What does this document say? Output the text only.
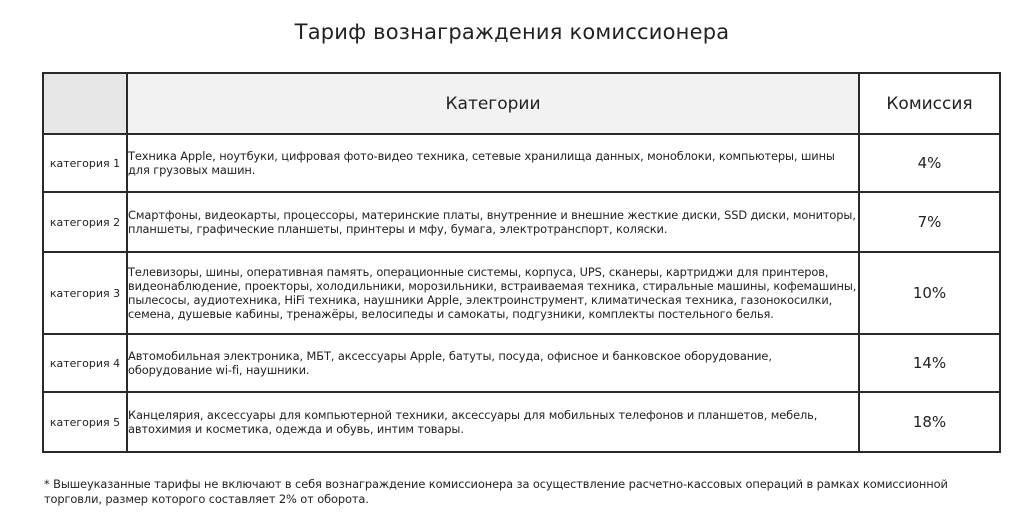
Тариф вознаграждения комиссионера
	Категории	Комиссия
категория 1	Техника Apple, ноутбуки, цифровая фото-видео техника, сетевые хранилища данных, моноблоки, компьютеры, шины для грузовых машин.	4%
категория 2	Смартфоны, видеокарты, процессоры, материнские платы, внутренние и внешние жесткие диски, SSD диски, мониторы, планшеты, графические планшеты, принтеры и мфу, бумага, электротранспорт, коляски.	7%
категория 3	Телевизоры, шины, оперативная память, операционные системы, корпуса, UPS, сканеры, картриджи для принтеров, видеонаблюдение, проекторы, холодильники, морозильники, встраиваемая техника, стиральные машины, кофемашины, пылесосы, аудиотехника, HiFi техника, наушники Apple, электроинструмент, климатическая техника, газонокосилки, семена, душевые кабины, тренажёры, велосипеды и самокаты, подгузники, комплекты постельного белья.	10%
категория 4	Автомобильная электроника, МБТ, аксессуары Apple, батуты, посуда, офисное и банковское оборудование, оборудование wi-fi, наушники.	14%
категория 5	Канцелярия, аксессуары для компьютерной техники, аксессуары для мобильных телефонов и планшетов, мебель, автохимия и косметика, одежда и обувь, интим товары.	18%
* Вышеуказанные тарифы не включают в себя вознаграждение комиссионера за осуществление расчетно-кассовых операций в рамках комиссионной торговли, размер которого составляет 2% от оборота.
